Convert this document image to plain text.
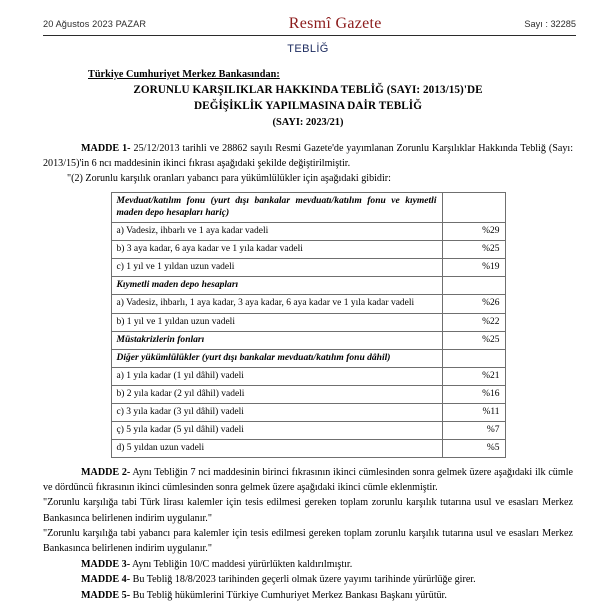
20 Ağustos 2023 PAZAR	Resmî Gazete	Sayı : 32285
TEBLİĞ
Türkiye Cumhuriyet Merkez Bankasından:
ZORUNLU KARŞILIKLAR HAKKINDA TEBLİĞ (SAYI: 2013/15)'DE
DEĞİŞİKLİK YAPILMASINA DAİR TEBLİĞ
(SAYI: 2023/21)

MADDE 1- 25/12/2013 tarihli ve 28862 sayılı Resmi Gazete'de yayımlanan Zorunlu Karşılıklar Hakkında Tebliğ (Sayı: 2013/15)'in 6 ncı maddesinin ikinci fıkrası aşağıdaki şekilde değiştirilmiştir.

"(2) Zorunlu karşılık oranları yabancı para yükümlülükler için aşağıdaki gibidir:

Mevduat/katılım fonu (yurt dışı bankalar mevduatı/katılım fonu ve kıymetli maden depo hesapları hariç)	
a) Vadesiz, ihbarlı ve 1 aya kadar vadeli	%29
b) 3 aya kadar, 6 aya kadar ve 1 yıla kadar vadeli	%25
c) 1 yıl ve 1 yıldan uzun vadeli	%19
Kıymetli maden depo hesapları	
a) Vadesiz, ihbarlı, 1 aya kadar, 3 aya kadar, 6 aya kadar ve 1 yıla kadar vadeli	%26
b) 1 yıl ve 1 yıldan uzun vadeli	%22
Müstakrizlerin fonları	%25
Diğer yükümlülükler (yurt dışı bankalar mevduatı/katılım fonu dâhil)	
a) 1 yıla kadar (1 yıl dâhil) vadeli	%21
b) 2 yıla kadar (2 yıl dâhil) vadeli	%16
c) 3 yıla kadar (3 yıl dâhil) vadeli	%11
ç) 5 yıla kadar (5 yıl dâhil) vadeli	%7
d) 5 yıldan uzun vadeli	%5

MADDE 2- Aynı Tebliğin 7 nci maddesinin birinci fıkrasının ikinci cümlesinden sonra gelmek üzere aşağıdaki ilk cümle ve dördüncü fıkrasının ikinci cümlesinden sonra gelmek üzere aşağıdaki ikinci cümle eklenmiştir.

"Zorunlu karşılığa tabi Türk lirası kalemler için tesis edilmesi gereken toplam zorunlu karşılık tutarına usul ve esasları Merkez Bankasınca belirlenen indirim uygulanır."

"Zorunlu karşılığa tabi yabancı para kalemler için tesis edilmesi gereken toplam zorunlu karşılık tutarına usul ve esasları Merkez Bankasınca belirlenen indirim uygulanır."

MADDE 3- Aynı Tebliğin 10/C maddesi yürürlükten kaldırılmıştır.

MADDE 4- Bu Tebliğ 18/8/2023 tarihinden geçerli olmak üzere yayımı tarihinde yürürlüğe girer.

MADDE 5- Bu Tebliğ hükümlerini Türkiye Cumhuriyet Merkez Bankası Başkanı yürütür.
